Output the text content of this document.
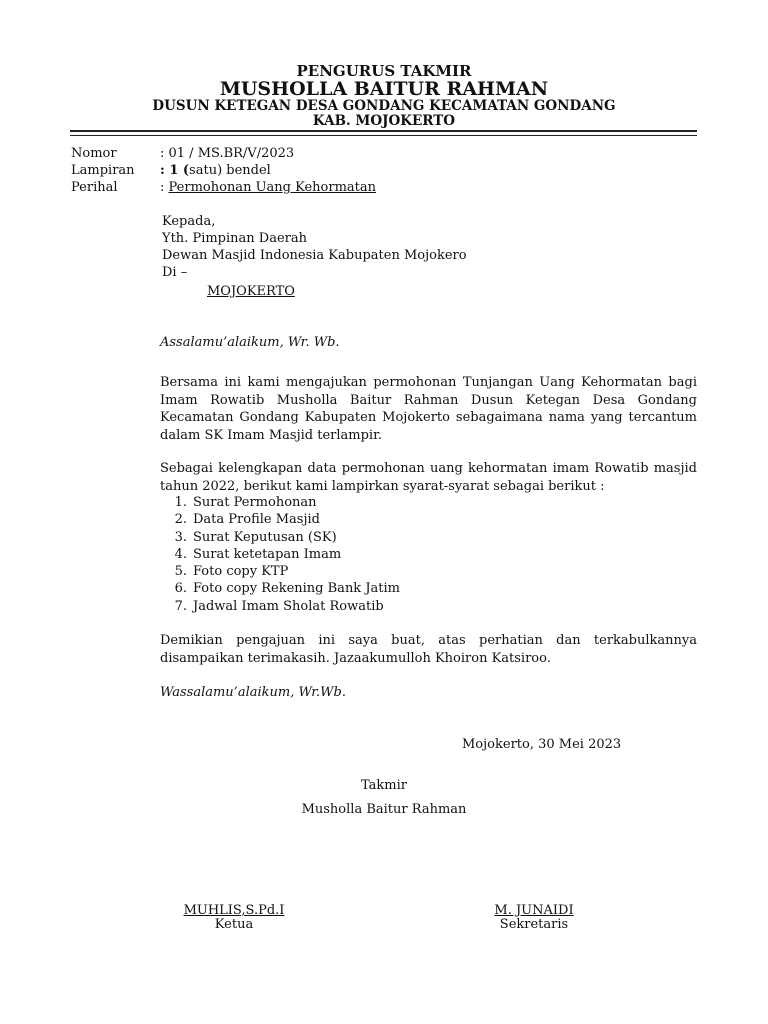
PENGURUS TAKMIR
MUSHOLLA BAITUR RAHMAN
DUSUN KETEGAN DESA GONDANG KECAMATAN GONDANG
KAB. MOJOKERTO
Nomor	: 01 / MS.BR/V/2023
Lampiran : 1 (satu) bendel
Perihal	: Permohonan Uang Kehormatan
Kepada,
Yth. Pimpinan Daerah
Dewan Masjid Indonesia Kabupaten Mojokero
Di –
MOJOKERTO
Assalamu’alaikum, Wr. Wb.

Bersama ini kami mengajukan permohonan Tunjangan Uang Kehormatan bagi Imam Rowatib Musholla Baitur Rahman Dusun Ketegan Desa Gondang Kecamatan Gondang Kabupaten Mojokerto sebagaimana nama yang tercantum dalam SK Imam Masjid terlampir.

Sebagai kelengkapan data permohonan uang kehormatan imam Rowatib masjid tahun 2022, berikut kami lampirkan syarat-syarat sebagai berikut :

1. Surat Permohonan
2. Data Profile Masjid
3. Surat Keputusan (SK)
4. Surat ketetapan Imam
5. Foto copy KTP
6. Foto copy Rekening Bank Jatim
7. Jadwal Imam Sholat Rowatib

Demikian pengajuan ini saya buat, atas perhatian dan terkabulkannya disampaikan terimakasih. Jazaakumulloh Khoiron Katsiroo.

Wassalamu’alaikum, Wr.Wb.
Mojokerto, 30 Mei 2023
Takmir
Musholla Baitur Rahman
MUHLIS,S.Pd.I
Ketua
M. JUNAIDI
Sekretaris
